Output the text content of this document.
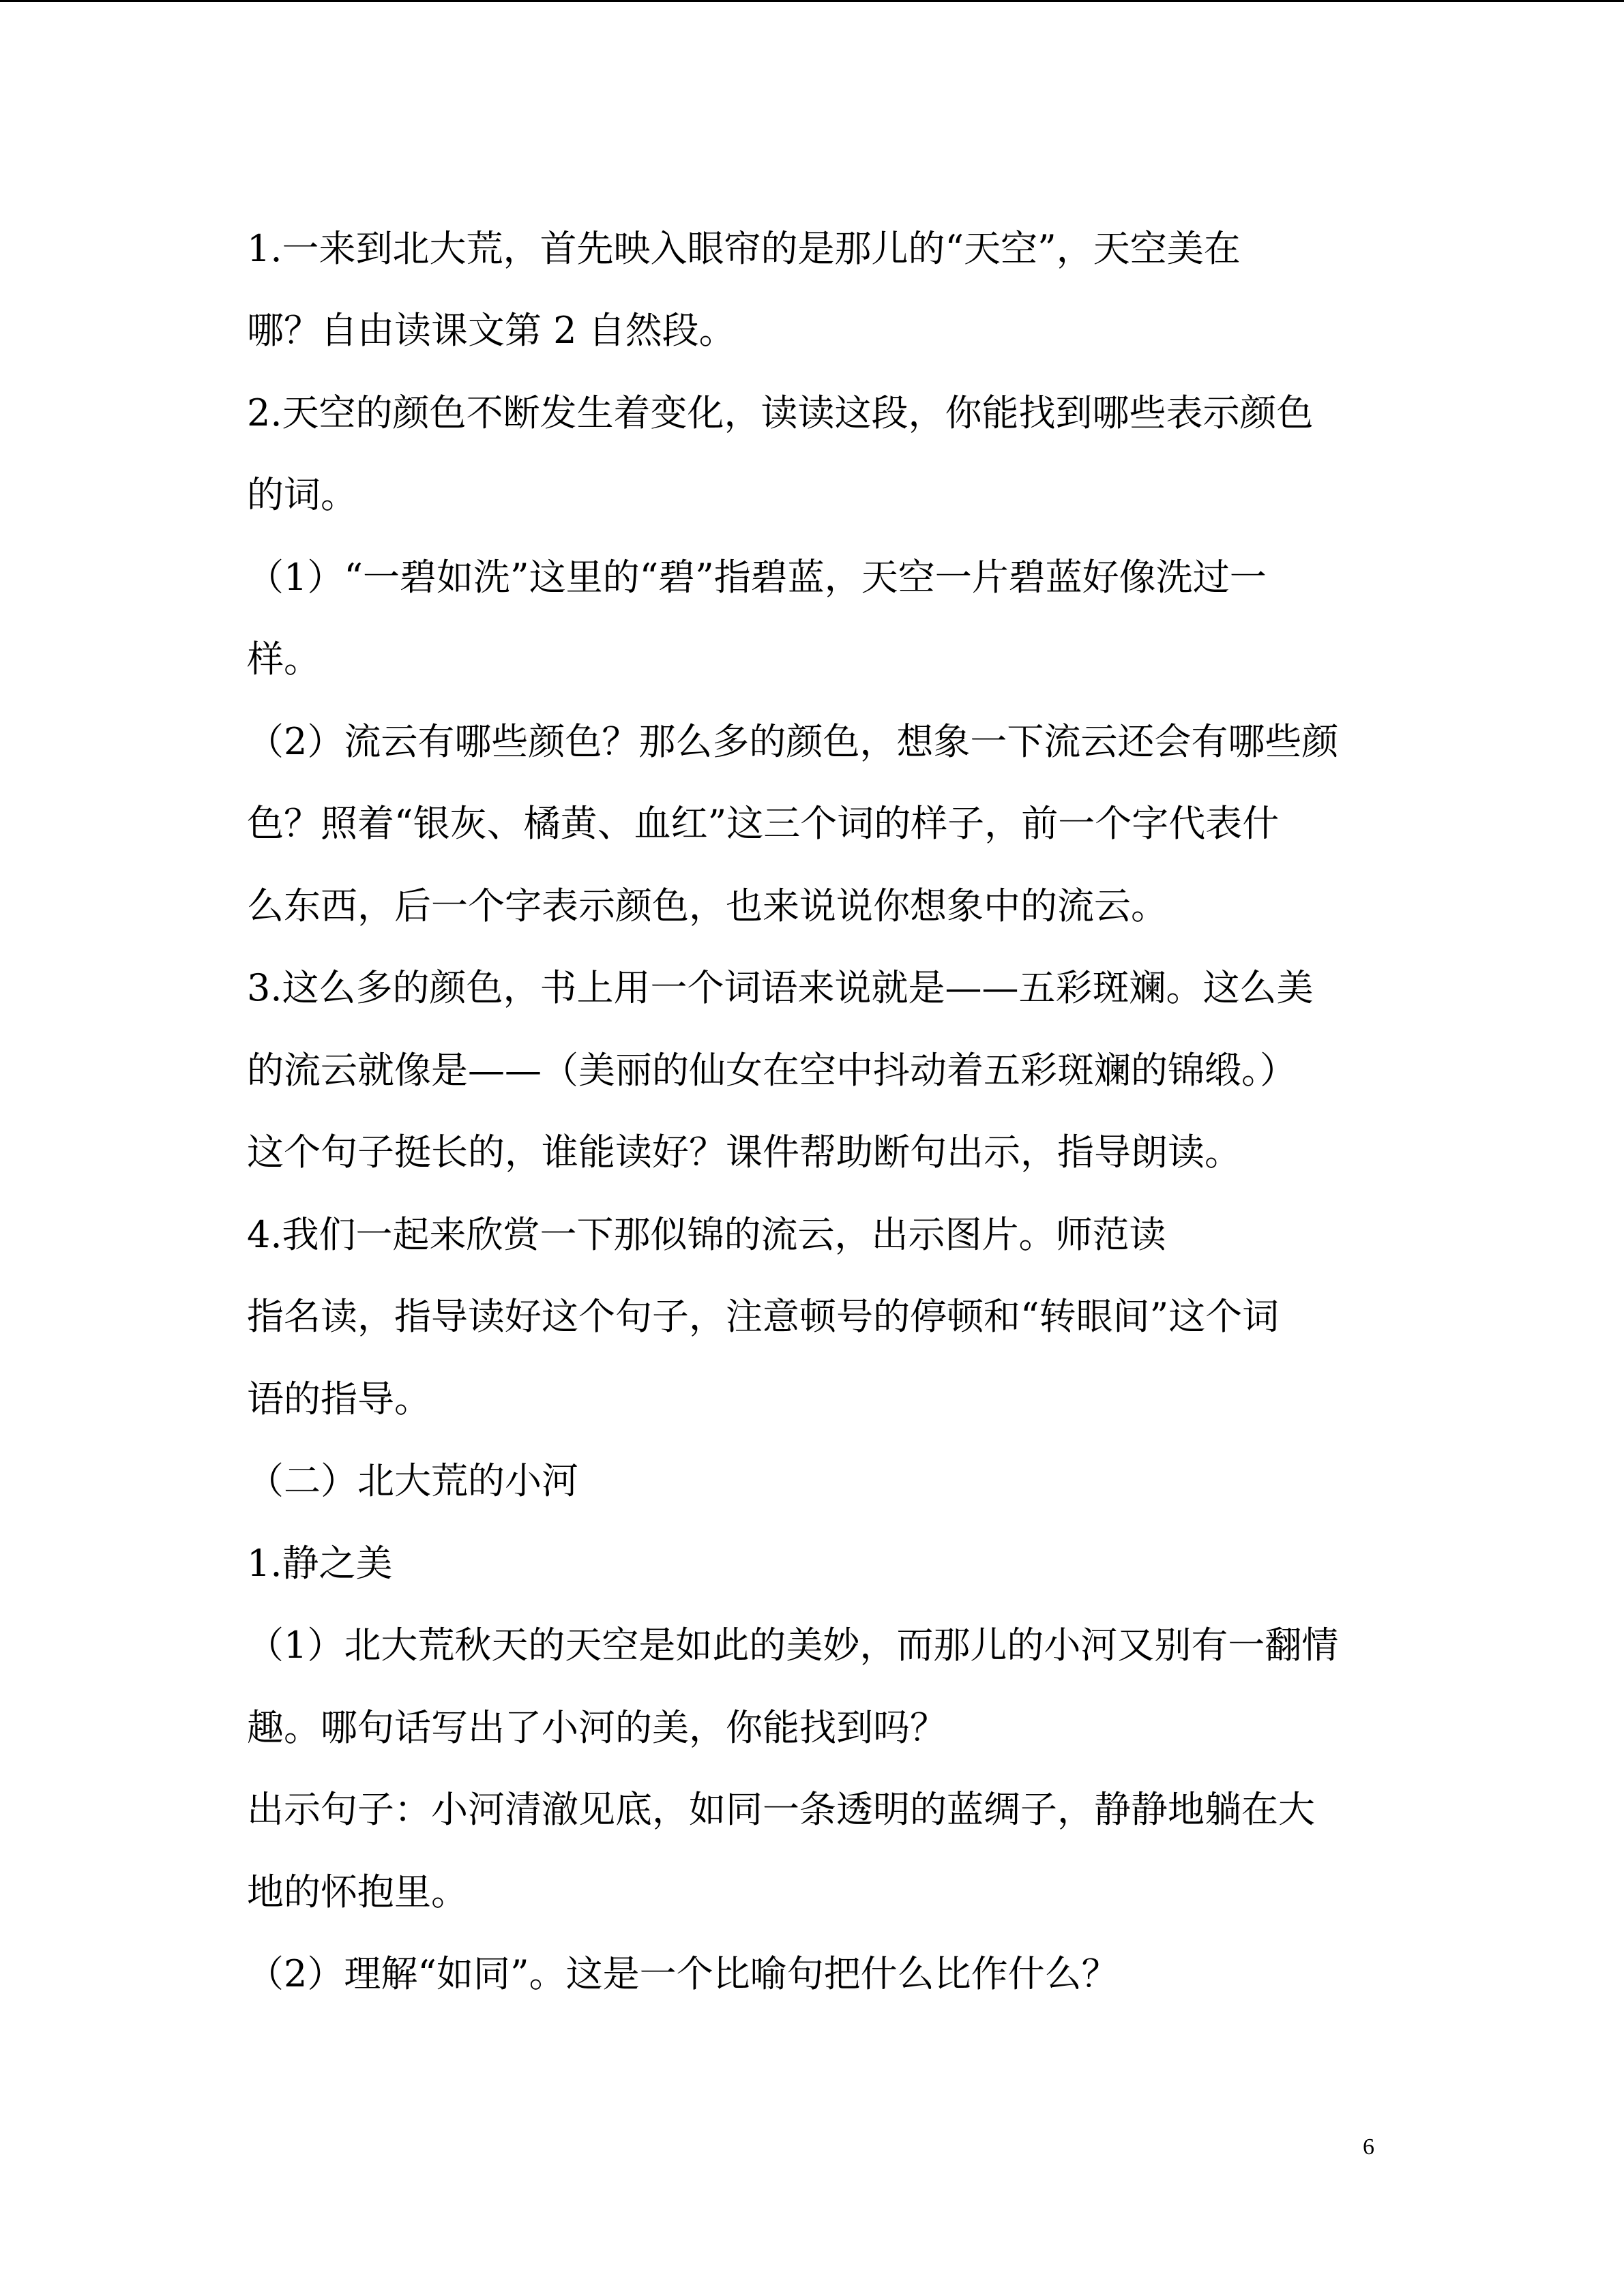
1.一来到北大荒，首先映入眼帘的是那儿的“天空”，天空美在
哪？自由读课文第 2 自然段。
2.天空的颜色不断发生着变化，读读这段，你能找到哪些表示颜色
的词。
（1）“一碧如洗”这里的“碧”指碧蓝，天空一片碧蓝好像洗过一
样。
（2）流云有哪些颜色？那么多的颜色，想象一下流云还会有哪些颜
色？照着“银灰、橘黄、血红”这三个词的样子，前一个字代表什
么东西，后一个字表示颜色，也来说说你想象中的流云。
3.这么多的颜色，书上用一个词语来说就是——五彩斑斓。这么美
的流云就像是——（美丽的仙女在空中抖动着五彩斑斓的锦缎。）
这个句子挺长的，谁能读好？课件帮助断句出示，指导朗读。
4.我们一起来欣赏一下那似锦的流云，出示图片。师范读
指名读，指导读好这个句子，注意顿号的停顿和“转眼间”这个词
语的指导。
（二）北大荒的小河
1.静之美
（1）北大荒秋天的天空是如此的美妙，而那儿的小河又别有一翻情
趣。哪句话写出了小河的美，你能找到吗？
出示句子：小河清澈见底，如同一条透明的蓝绸子，静静地躺在大
地的怀抱里。
（2）理解“如同”。这是一个比喻句把什么比作什么？
6
